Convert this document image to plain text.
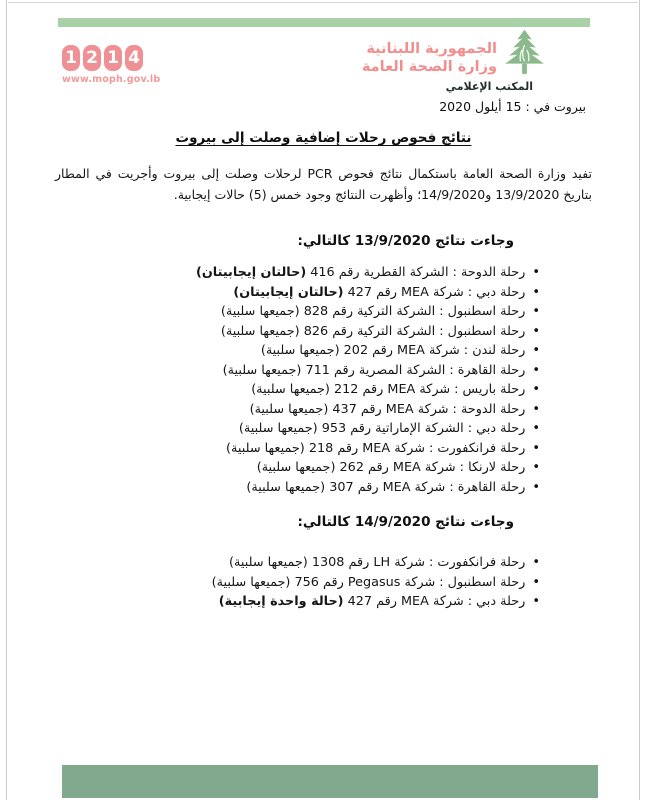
1 2 1 4
www.moph.gov.lb
الجمهورية اللبنانية
وزارة الصحة العامة
المكتب الإعلامي
بيروت في : 15 أيلول 2020
نتائج فحوص رحلات إضافية وصلت إلى بيروت

تفيد وزارة الصحة العامة باستكمال نتائج فحوص PCR لرحلات وصلت إلى بيروت وأجريت في المطار بتاريخ 13/9/2020 و14/9/2020؛ وأظهرت النتائج وجود خمس (5) حالات إيجابية.

وجاءت نتائج 13/9/2020 كالتالي:
• رحلة الدوحة : الشركة القطرية رقم 416 (حالتان إيجابيتان)
• رحلة دبي : شركة MEA رقم 427 (حالتان إيجابيتان)
• رحلة اسطنبول : الشركة التركية رقم 828 (جميعها سلبية)
• رحلة اسطنبول : الشركة التركية رقم 826 (جميعها سلبية)
• رحلة لندن : شركة MEA رقم 202 (جميعها سلبية)
• رحلة القاهرة : الشركة المصرية رقم 711 (جميعها سلبية)
• رحلة باريس : شركة MEA رقم 212 (جميعها سلبية)
• رحلة الدوحة : شركة MEA رقم 437 (جميعها سلبية)
• رحلة دبي : الشركة الإماراتية رقم 953 (جميعها سلبية)
• رحلة فرانكفورت : شركة MEA رقم 218 (جميعها سلبية)
• رحلة لارنكا : شركة MEA رقم 262 (جميعها سلبية)
• رحلة القاهرة : شركة MEA رقم 307 (جميعها سلبية)
وجاءت نتائج 14/9/2020 كالتالي:
• رحلة فرانكفورت : شركة LH رقم 1308 (جميعها سلبية)
• رحلة اسطنبول : شركة Pegasus رقم 756 (جميعها سلبية)
• رحلة دبي : شركة MEA رقم 427 (حالة واحدة إيجابية)
